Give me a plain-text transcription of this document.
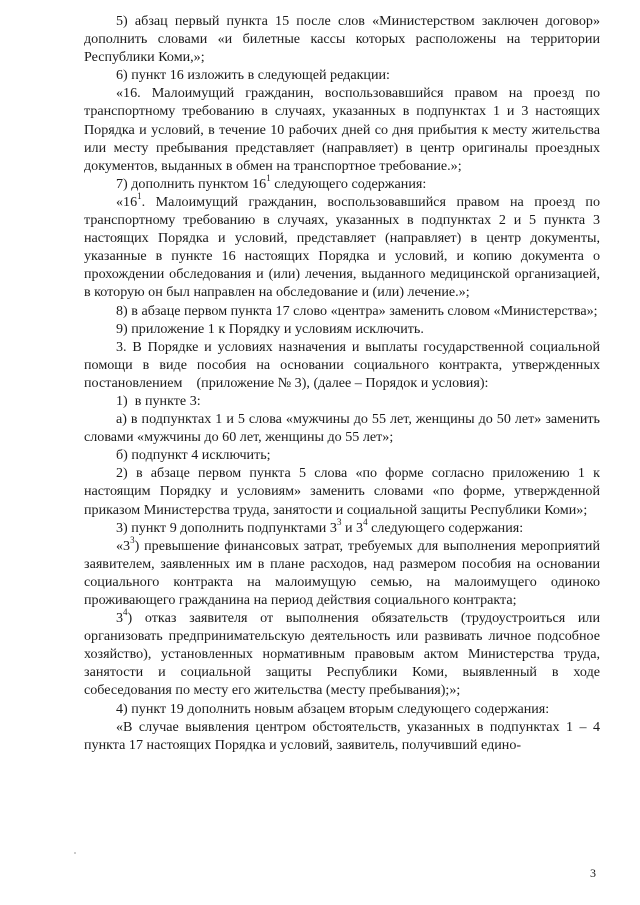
5) абзац первый пункта 15 после слов «Министерством заключен договор» дополнить словами «и билетные кассы которых расположены на территории Республики Коми,»;

6) пункт 16 изложить в следующей редакции:

«16. Малоимущий гражданин, воспользовавшийся правом на проезд по транспортному требованию в случаях, указанных в подпунктах 1 и 3 настоящих Порядка и условий, в течение 10 рабочих дней со дня прибытия к месту жительства или месту пребывания представляет (направляет) в центр оригиналы проездных документов, выданных в обмен на транспортное требование.»;

7) дополнить пунктом $16^1$ следующего содержания:

«$16^1$. Малоимущий гражданин, воспользовавшийся правом на проезд по транспортному требованию в случаях, указанных в подпунктах 2 и 5 пункта 3 настоящих Порядка и условий, представляет (направляет) в центр документы, указанные в пункте 16 настоящих Порядка и условий, и копию документа о прохождении обследования и (или) лечения, выданного медицинской организацией, в которую он был направлен на обследование и (или) лечение.»;

8) в абзаце первом пункта 17 слово «центра» заменить словом «Министерства»;

9) приложение 1 к Порядку и условиям исключить.

3. В Порядке и условиях назначения и выплаты государственной социальной помощи в виде пособия на основании социального контракта, утвержденных постановлением    (приложение № 3), (далее – Порядок и условия):

1)  в пункте 3:

а) в подпунктах 1 и 5 слова «мужчины до 55 лет, женщины до 50 лет» заменить словами «мужчины до 60 лет, женщины до 55 лет»;

б) подпункт 4 исключить;

2) в абзаце первом пункта 5 слова «по форме согласно приложению 1 к настоящим Порядку и условиям» заменить словами «по форме, утвержденной приказом Министерства труда, занятости и социальной защиты Республики Коми»;

3) пункт 9 дополнить подпунктами $3^3$ и $3^4$ следующего содержания:

«$3^3$) превышение финансовых затрат, требуемых для выполнения мероприятий заявителем, заявленных им в плане расходов, над размером пособия на основании социального контракта на малоимущую семью, на малоимущего одиноко проживающего гражданина на период действия социального контракта;

$3^4$) отказ заявителя от выполнения обязательств (трудоустроиться или организовать предпринимательскую деятельность или развивать личное подсобное хозяйство), установленных нормативным правовым актом Министерства труда, занятости и социальной защиты Республики Коми, выявленный в ходе собеседования по месту его жительства (месту пребывания);»;

4) пункт 19 дополнить новым абзацем вторым следующего содержания:

«В случае выявления центром обстоятельств, указанных в подпунктах 1 – 4 пункта 17 настоящих Порядка и условий, заявитель, получивший едино-

3
